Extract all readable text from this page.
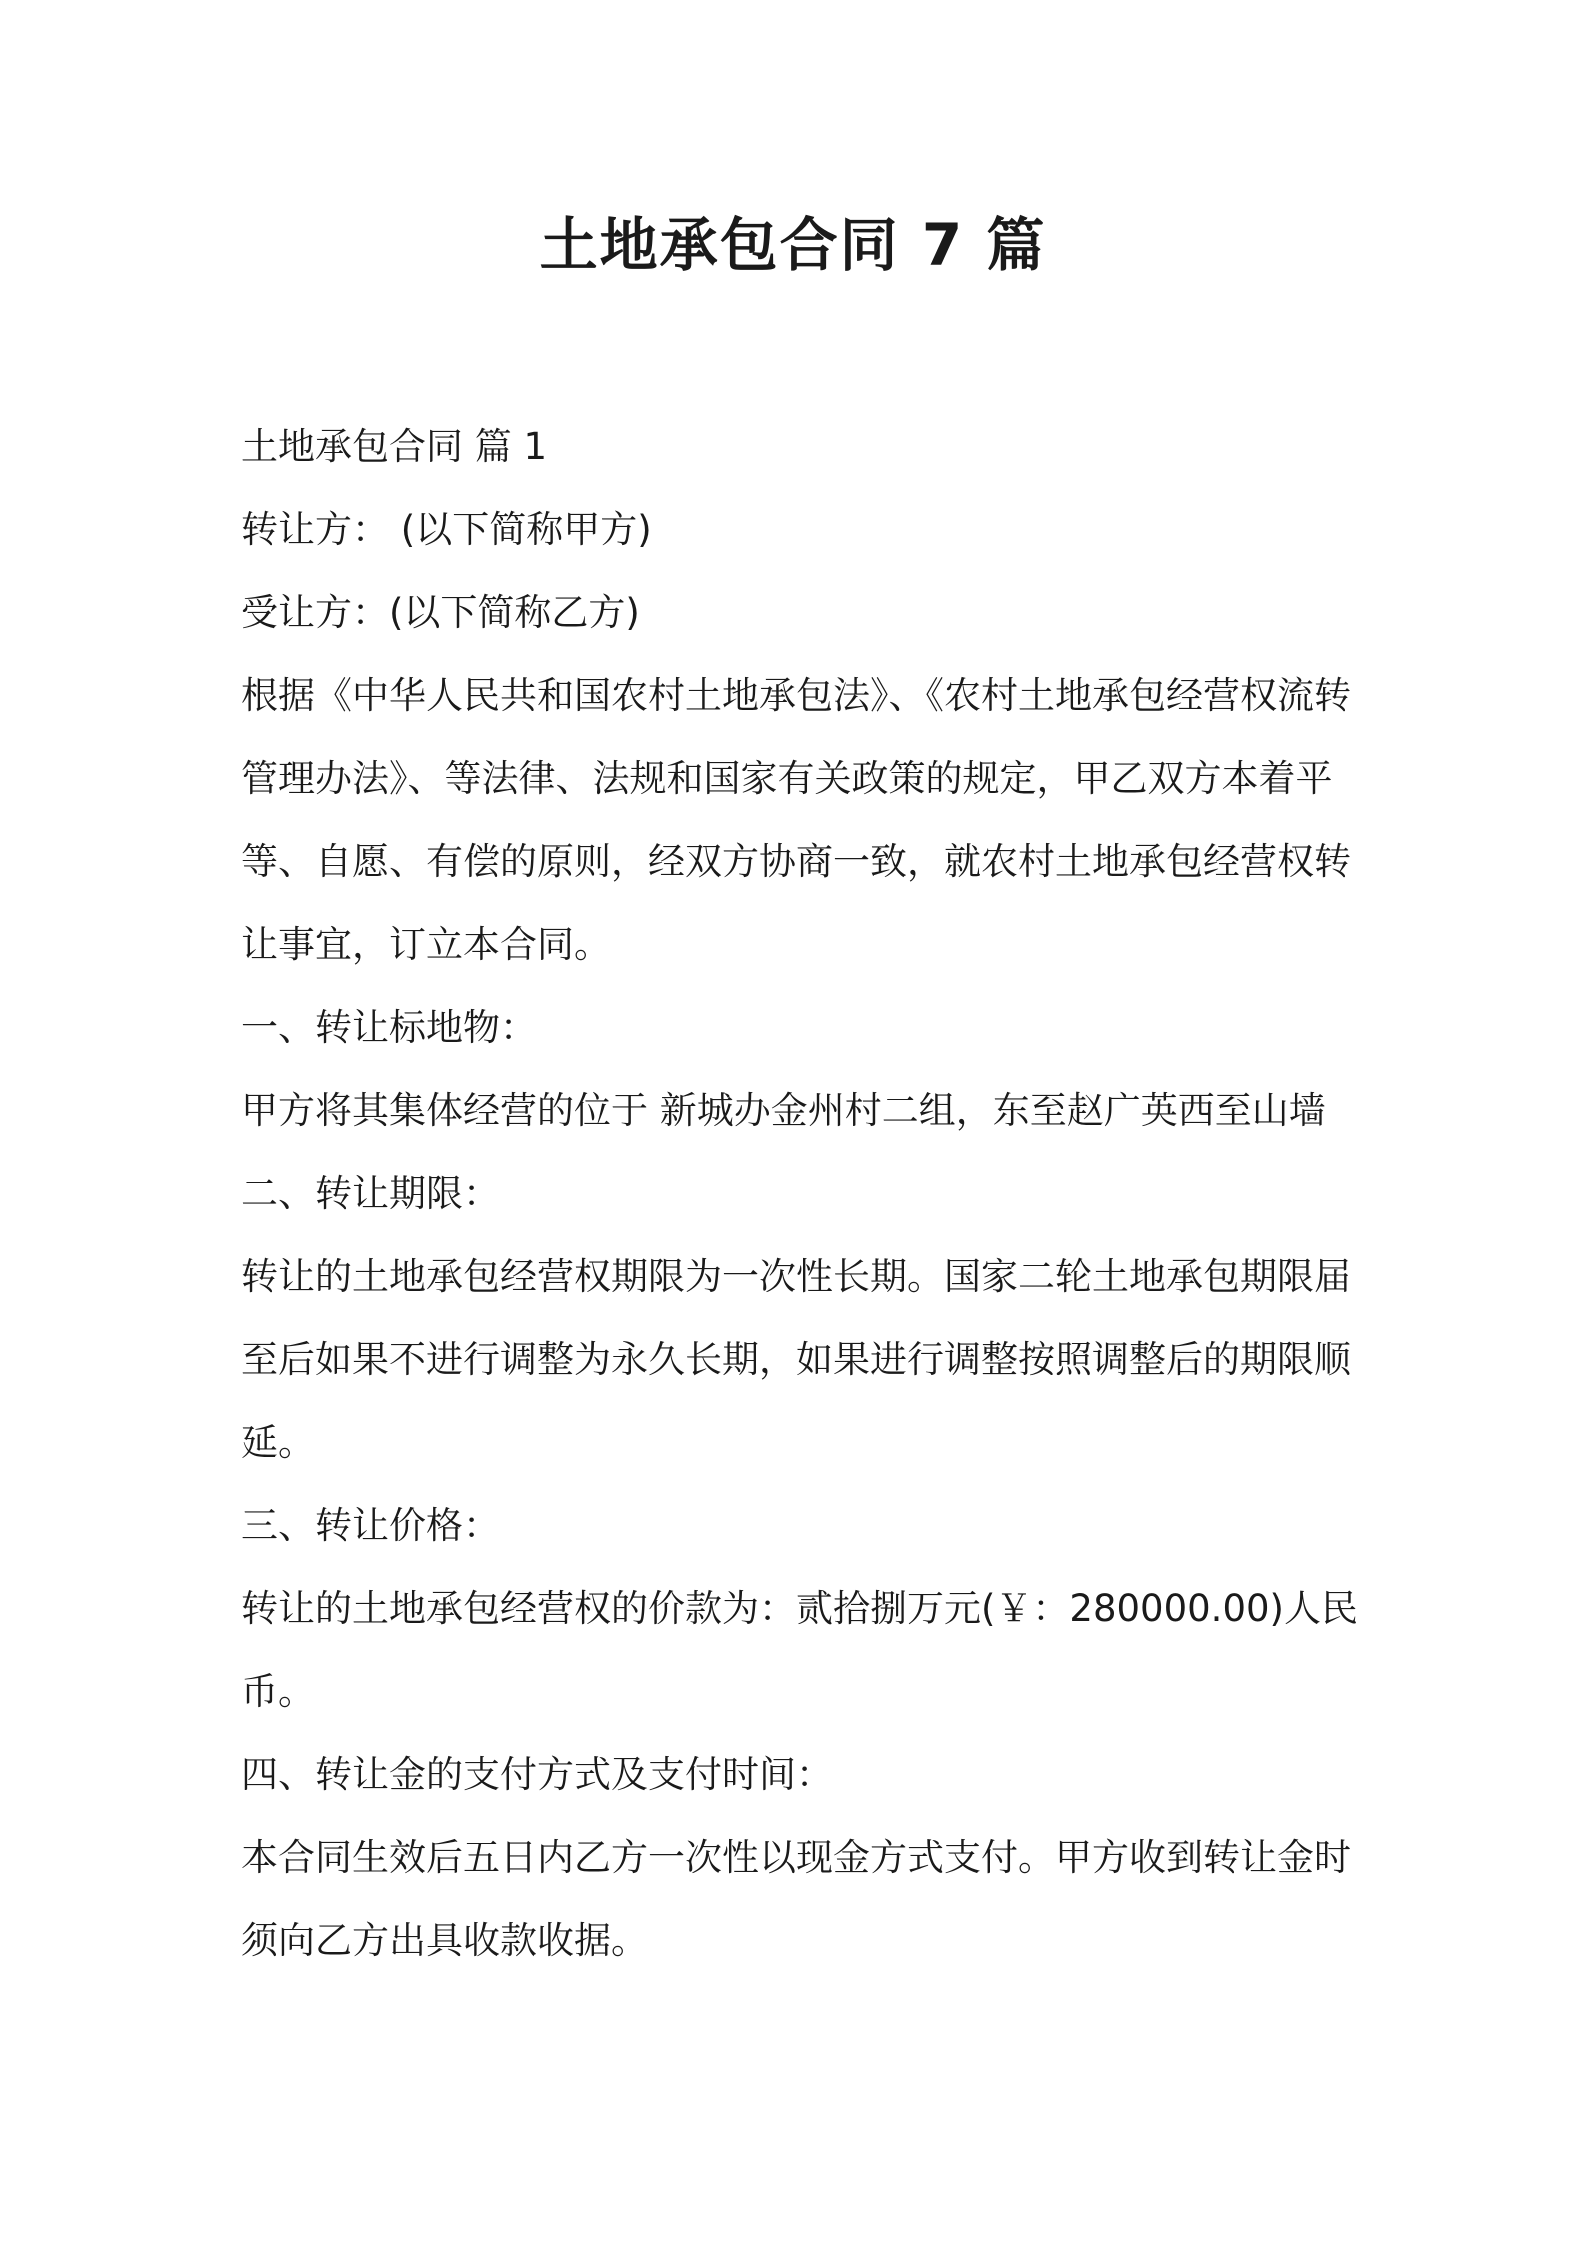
土地承包合同 7 篇

土地承包合同 篇 1

转让方： (以下简称甲方)

受让方：(以下简称乙方)

根据《中华人民共和国农村土地承包法》、《农村土地承包经营权流转管理办法》、等法律、法规和国家有关政策的规定，甲乙双方本着平等、自愿、有偿的原则，经双方协商一致，就农村土地承包经营权转让事宜，订立本合同。

一、转让标地物：

甲方将其集体经营的位于 新城办金州村二组，东至赵广英西至山墙

二、转让期限：

转让的土地承包经营权期限为一次性长期。国家二轮土地承包期限届至后如果不进行调整为永久长期，如果进行调整按照调整后的期限顺延。

三、转让价格：

转让的土地承包经营权的价款为：贰拾捌万元(￥：280000.00)人民币。

四、转让金的支付方式及支付时间：

本合同生效后五日内乙方一次性以现金方式支付。甲方收到转让金时须向乙方出具收款收据。
